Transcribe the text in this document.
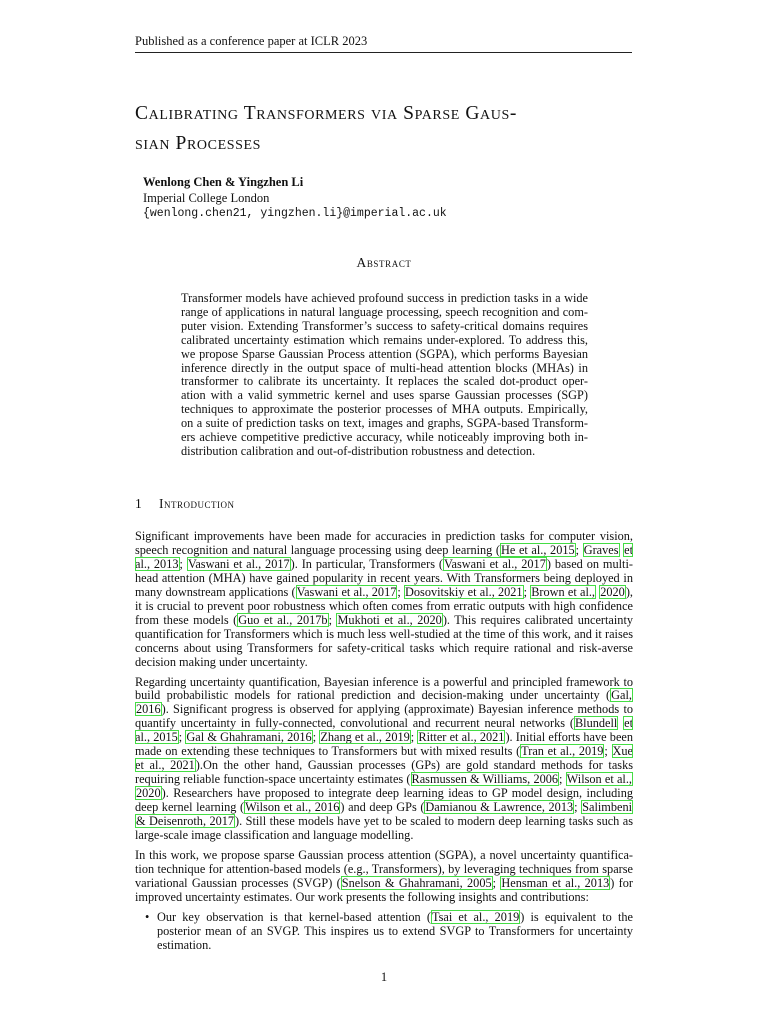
Published as a conference paper at ICLR 2023
Calibrating Transformers via Sparse Gaus-
sian Processes
Wenlong Chen & Yingzhen Li
Imperial College London
{wenlong.chen21, yingzhen.li}@imperial.ac.uk
Abstract
Transformer models have achieved profound success in prediction tasks in a wide range of applications in natural language processing, speech recognition and com- puter vision. Extending Transformer’s success to safety-critical domains requires calibrated uncertainty estimation which remains under-explored. To address this, we propose Sparse Gaussian Process attention (SGPA), which performs Bayesian inference directly in the output space of multi-head attention blocks (MHAs) in transformer to calibrate its uncertainty. It replaces the scaled dot-product oper- ation with a valid symmetric kernel and uses sparse Gaussian processes (SGP) techniques to approximate the posterior processes of MHA outputs. Empirically, on a suite of prediction tasks on text, images and graphs, SGPA-based Transform- ers achieve competitive predictive accuracy, while noticeably improving both in- distribution calibration and out-of-distribution robustness and detection.
1 Introduction

Significant improvements have been made for accuracies in prediction tasks for computer vision, speech recognition and natural language processing using deep learning (He et al., 2015; Graves et al., 2013; Vaswani et al., 2017). In particular, Transformers (Vaswani et al., 2017) based on multi- head attention (MHA) have gained popularity in recent years. With Transformers being deployed in many downstream applications (Vaswani et al., 2017; Dosovitskiy et al., 2021; Brown et al., 2020), it is crucial to prevent poor robustness which often comes from erratic outputs with high confidence from these models (Guo et al., 2017b; Mukhoti et al., 2020). This requires calibrated uncertainty quantification for Transformers which is much less well-studied at the time of this work, and it raises concerns about using Transformers for safety-critical tasks which require rational and risk-averse decision making under uncertainty.

Regarding uncertainty quantification, Bayesian inference is a powerful and principled framework to build probabilistic models for rational prediction and decision-making under uncertainty (Gal, 2016). Significant progress is observed for applying (approximate) Bayesian inference methods to quantify uncertainty in fully-connected, convolutional and recurrent neural networks (Blundell et al., 2015; Gal & Ghahramani, 2016; Zhang et al., 2019; Ritter et al., 2021). Initial efforts have been made on extending these techniques to Transformers but with mixed results (Tran et al., 2019; Xue et al., 2021).On the other hand, Gaussian processes (GPs) are gold standard methods for tasks requiring reliable function-space uncertainty estimates (Rasmussen & Williams, 2006; Wilson et al., 2020). Researchers have proposed to integrate deep learning ideas to GP model design, including deep kernel learning (Wilson et al., 2016) and deep GPs (Damianou & Lawrence, 2013; Salimbeni & Deisenroth, 2017). Still these models have yet to be scaled to modern deep learning tasks such as large-scale image classification and language modelling.

In this work, we propose sparse Gaussian process attention (SGPA), a novel uncertainty quantifica- tion technique for attention-based models (e.g., Transformers), by leveraging techniques from sparse variational Gaussian processes (SVGP) (Snelson & Ghahramani, 2005; Hensman et al., 2013) for improved uncertainty estimates. Our work presents the following insights and contributions:

• Our key observation is that kernel-based attention (Tsai et al., 2019) is equivalent to the posterior mean of an SVGP. This inspires us to extend SVGP to Transformers for uncertainty estimation.
1
